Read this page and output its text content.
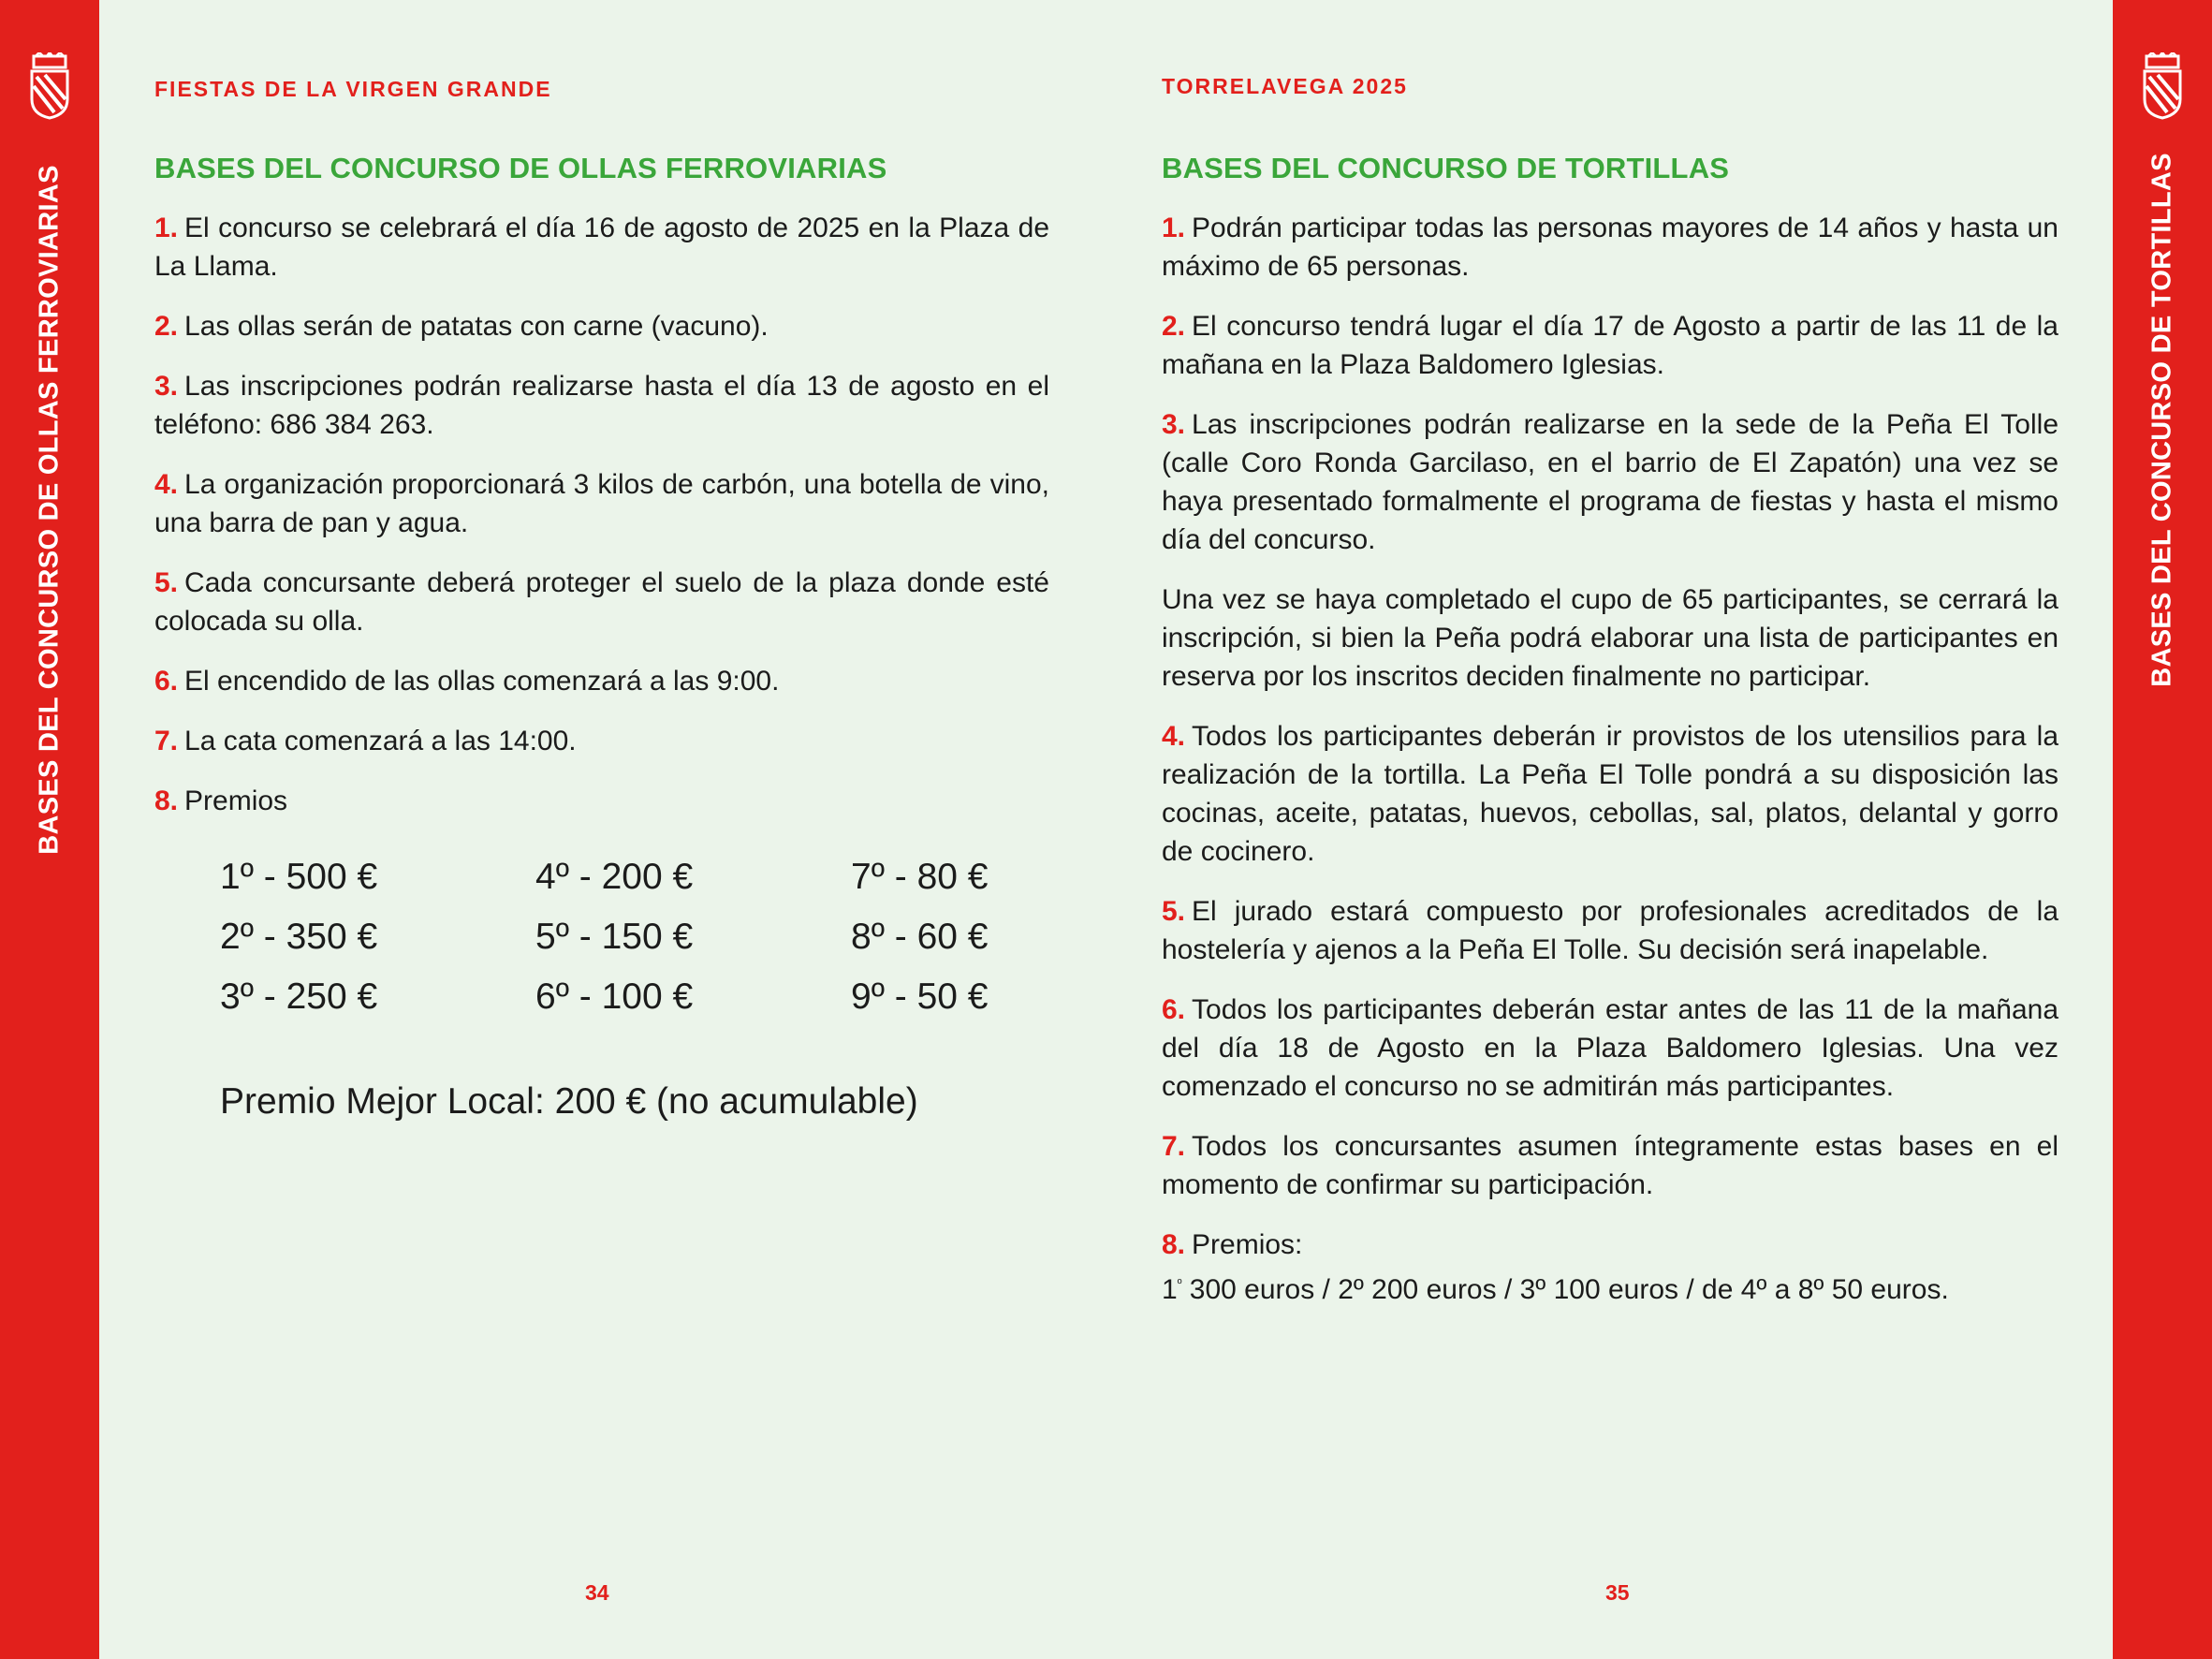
BASES DEL CONCURSO DE OLLAS FERROVIARIAS	BASES DEL CONCURSO DE TORTILLAS
FIESTAS DE LA VIRGEN GRANDE
BASES DEL CONCURSO DE OLLAS FERROVIARIAS

1. El concurso se celebrará el día 16 de agosto de 2025 en la Plaza de La Llama.

2. Las ollas serán de patatas con carne (vacuno).

3. Las inscripciones podrán realizarse hasta el día 13 de agosto en el teléfono: 686 384 263.

4. La organización proporcionará 3 kilos de carbón, una botella de vino, una barra de pan y agua.

5. Cada concursante deberá proteger el suelo de la plaza donde esté colocada su olla.

6. El encendido de las ollas comenzará a las 9:00.

7. La cata comenzará a las 14:00.

8. Premios

1º - 500 €	4º - 200 €	7º - 80 €
2º - 350 €	5º - 150 €	8º - 60 €
3º - 250 €	6º - 100 €	9º - 50 €
Premio Mejor Local: 200 € (no acumulable)
34
TORRELAVEGA 2025
BASES DEL CONCURSO DE TORTILLAS

1. Podrán participar todas las personas mayores de 14 años y hasta un máximo de 65 personas.

2. El concurso tendrá lugar el día 17 de Agosto a partir de las 11 de la mañana en la Plaza Baldomero Iglesias.

3. Las inscripciones podrán realizarse en la sede de la Peña El Tolle (calle Coro Ronda Garcilaso, en el barrio de El Zapatón) una vez se haya presentado formalmente el programa de fiestas y hasta el mismo día del concurso.

Una vez se haya completado el cupo de 65 participantes, se cerrará la inscripción, si bien la Peña podrá elaborar una lista de participantes en reserva por los inscritos deciden finalmente no participar.

4. Todos los participantes deberán ir provistos de los utensilios para la realización de la tortilla. La Peña El Tolle pondrá a su disposición las cocinas, aceite, patatas, huevos, cebollas, sal, platos, delantal y gorro de cocinero.

5. El jurado estará compuesto por profesionales acreditados de la hostelería y ajenos a la Peña El Tolle. Su decisión será inapelable.

6. Todos los participantes deberán estar antes de las 11 de la mañana del día 18 de Agosto en la Plaza Baldomero Iglesias. Una vez comenzado el concurso no se admitirán más participantes.

7. Todos los concursantes asumen íntegramente estas bases en el momento de confirmar su participación.

8. Premios:

$1^º$ 300 euros / 2º 200 euros / 3º 100 euros / de 4º a 8º 50 euros.

35
